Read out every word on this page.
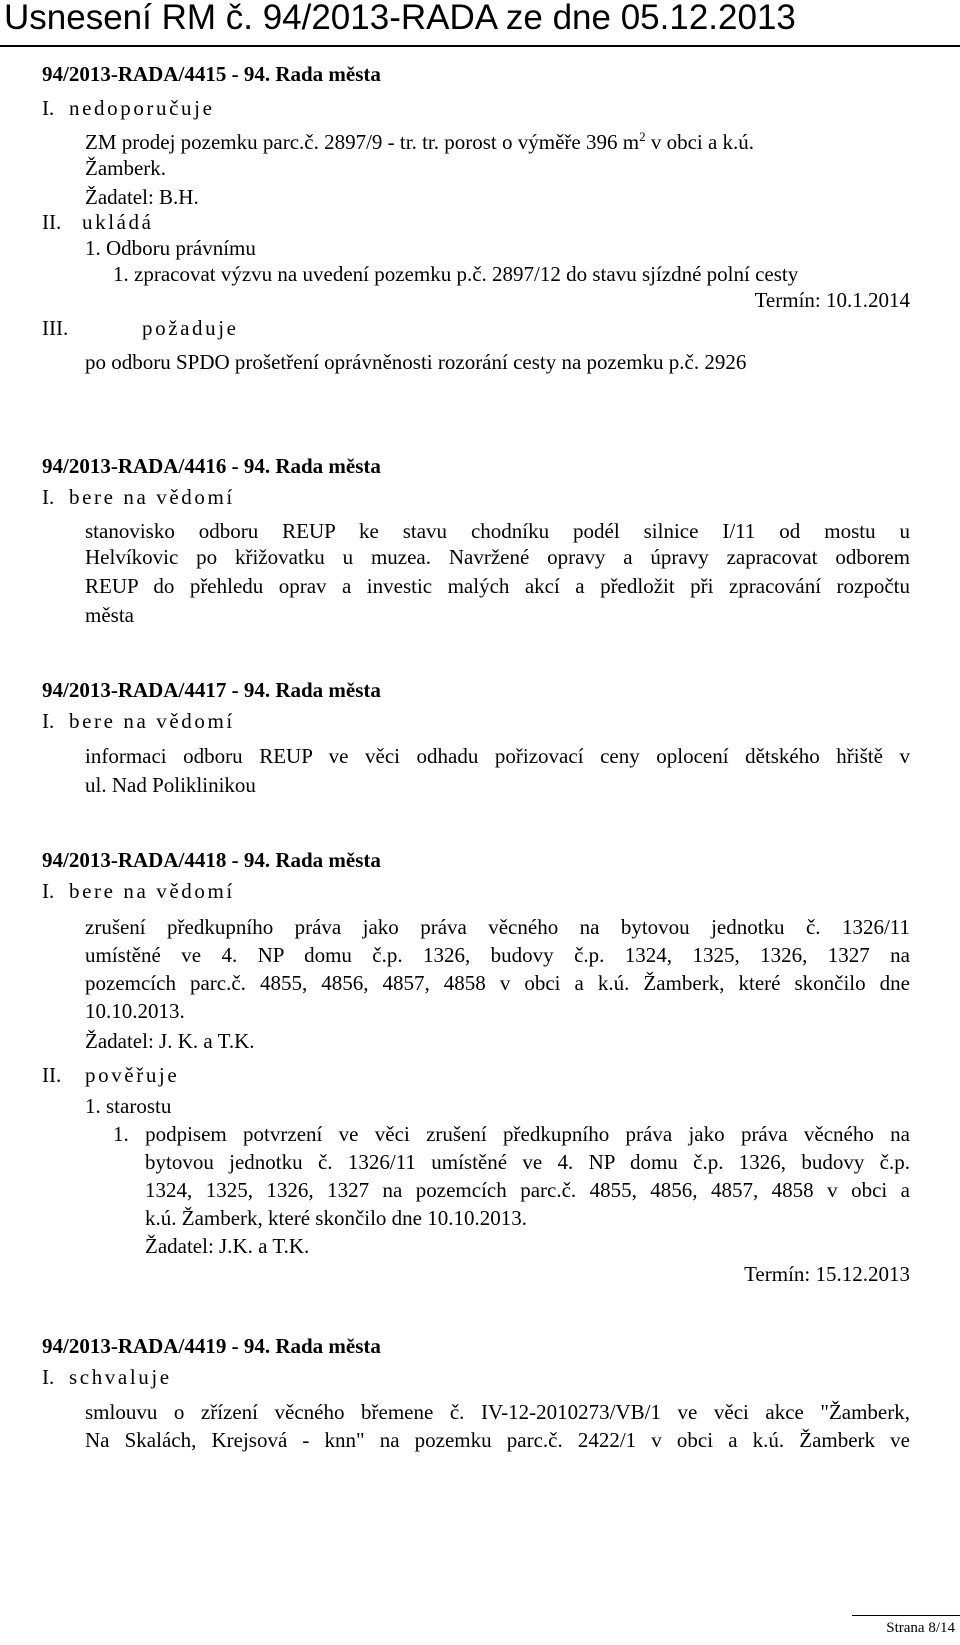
Usnesení RM č. 94/2013-RADA ze dne 05.12.2013
94/2013-RADA/4415 - 94. Rada města
I. nedoporučuje
ZM prodej pozemku parc.č. 2897/9 - tr. tr. porost o výměře 396 $m^2$ v obci a k.ú.
Žamberk.
Žadatel: B.H.
II. ukládá
1. Odboru právnímu
1. zpracovat výzvu na uvedení pozemku p.č. 2897/12 do stavu sjízdné polní cesty
Termín: 10.1.2014
III.	požaduje
po odboru SPDO prošetření oprávněnosti rozorání cesty na pozemku p.č. 2926
94/2013-RADA/4416 - 94. Rada města
I. bere na vědomí
stanovisko odboru REUP ke stavu chodníku podél silnice I/11 od mostu u
Helvíkovic po křižovatku u muzea. Navržené opravy a úpravy zapracovat odborem
REUP do přehledu oprav a investic malých akcí a předložit při zpracování rozpočtu
města
94/2013-RADA/4417 - 94. Rada města
I. bere na vědomí
informaci odboru REUP ve věci odhadu pořizovací ceny oplocení dětského hřiště v
ul. Nad Poliklinikou
94/2013-RADA/4418 - 94. Rada města
I. bere na vědomí
zrušení předkupního práva jako práva věcného na bytovou jednotku č. 1326/11
umístěné ve 4. NP domu č.p. 1326, budovy č.p. 1324, 1325, 1326, 1327 na
pozemcích parc.č. 4855, 4856, 4857, 4858 v obci a k.ú. Žamberk, které skončilo dne
10.10.2013.
Žadatel: J. K. a T.K.
II. pověřuje
1. starostu
1. podpisem potvrzení ve věci zrušení předkupního práva jako práva věcného na
bytovou jednotku č. 1326/11 umístěné ve 4. NP domu č.p. 1326, budovy č.p.
1324, 1325, 1326, 1327 na pozemcích parc.č. 4855, 4856, 4857, 4858 v obci a
k.ú. Žamberk, které skončilo dne 10.10.2013.
Žadatel: J.K. a T.K.
Termín: 15.12.2013
94/2013-RADA/4419 - 94. Rada města
I. schvaluje
smlouvu o zřízení věcného břemene č. IV-12-2010273/VB/1 ve věci akce "Žamberk,
Na Skalách, Krejsová - knn" na pozemku parc.č. 2422/1 v obci a k.ú. Žamberk ve
Strana 8/14
